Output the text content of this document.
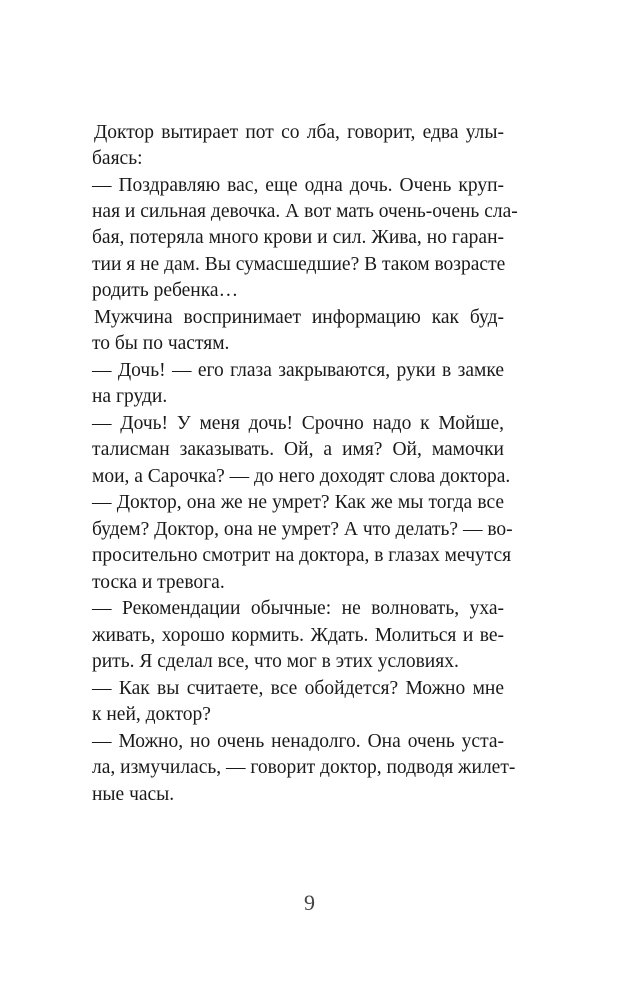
Доктор вытирает пот со лба, говорит, едва улы-
баясь:
— Поздравляю вас, еще одна дочь. Очень круп-
ная и сильная девочка. А вот мать очень-очень сла-
бая, потеряла много крови и сил. Жива, но гаран-
тии я не дам. Вы сумасшедшие? В таком возрасте
родить ребенка…
Мужчина воспринимает информацию как буд-
то бы по частям.
— Дочь! — его глаза закрываются, руки в замке
на груди.
— Дочь! У меня дочь! Срочно надо к Мойше,
талисман заказывать. Ой, а имя? Ой, мамочки
мои, а Сарочка? — до него доходят слова доктора.
— Доктор, она же не умрет? Как же мы тогда все
будем? Доктор, она не умрет? А что делать? — во-
просительно смотрит на доктора, в глазах мечутся
тоска и тревога.
— Рекомендации обычные: не волновать, уха-
живать, хорошо кормить. Ждать. Молиться и ве-
рить. Я сделал все, что мог в этих условиях.
— Как вы считаете, все обойдется? Можно мне
к ней, доктор?
— Можно, но очень ненадолго. Она очень уста-
ла, измучилась, — говорит доктор, подводя жилет-
ные часы.
9
